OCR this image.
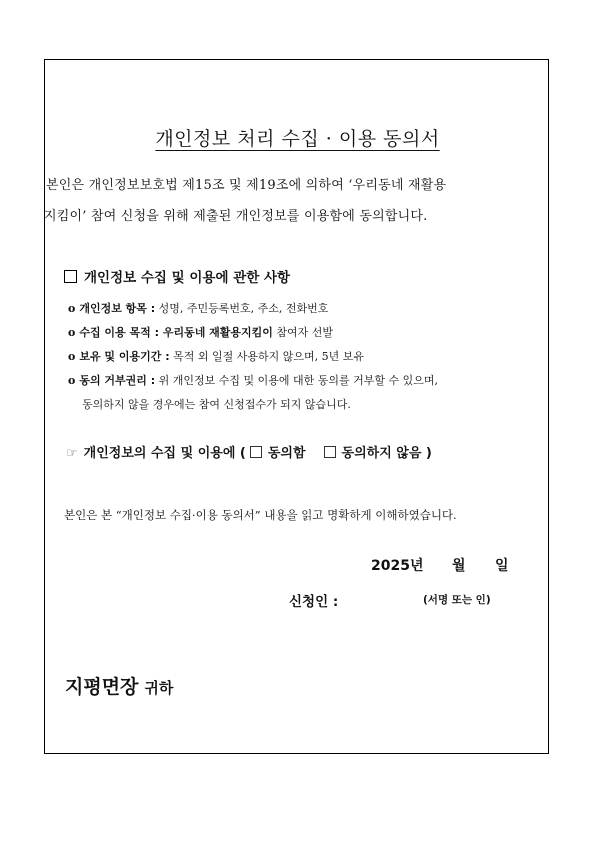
개인정보 처리 수집 · 이용 동의서
본인은 개인정보보호법 제15조 및 제19조에 의하여 ‘우리동네 재활용
지킴이’ 참여 신청을 위해 제출된 개인정보를 이용함에 동의합니다.
개인정보 수집 및 이용에 관한 사항
o 개인정보 항목 : 성명, 주민등록번호, 주소, 전화번호
o 수집 이용 목적 : 우리동네 재활용지킴이 참여자 선발
o 보유 및 이용기간 : 목적 외 일절 사용하지 않으며, 5년 보유
o 동의 거부권리 : 위 개인정보 수집 및 이용에 대한 동의를 거부할 수 있으며,
동의하지 않을 경우에는 참여 신청접수가 되지 않습니다.
☞ 개인정보의 수집 및 이용에 ( 동의함	동의하지 않음 )
본인은 본 “개인정보 수집·이용 동의서” 내용을 읽고 명확하게 이해하였습니다.
2025년 월 일
신청인 :	(서명 또는 인)
지평면장 귀하
